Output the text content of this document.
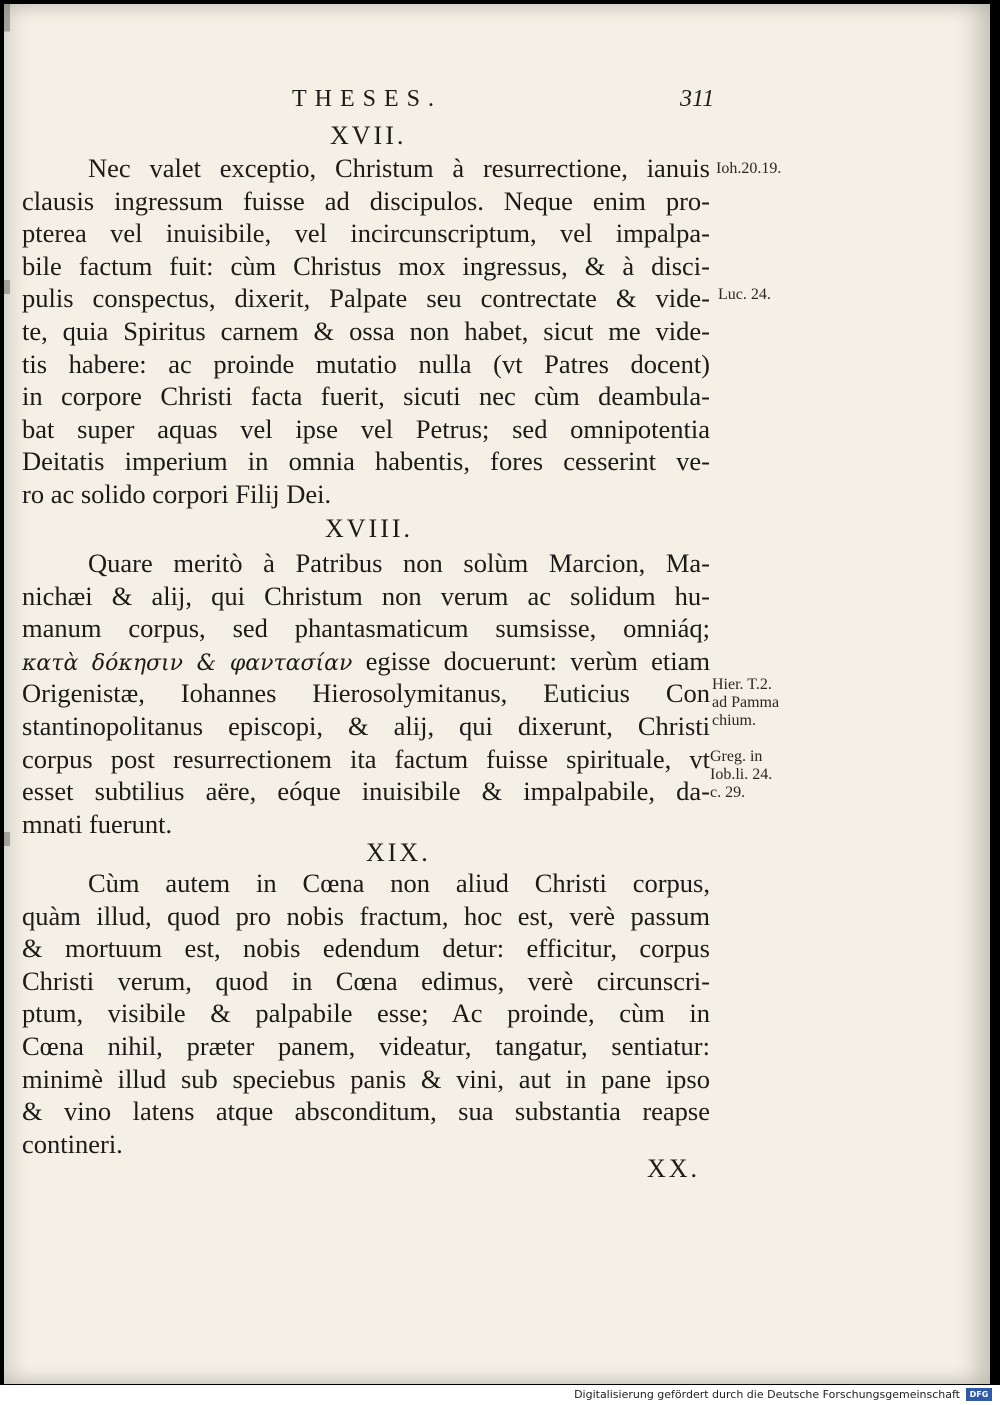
THESES.	311
XVII.
Nec valet exceptio, Christum à resurrectione, ianuis
clausis ingressum fuisse ad discipulos. Neque enim pro-
pterea vel inuisibile, vel incircunscriptum, vel impalpa-
bile factum fuit: cùm Christus mox ingressus, & à disci-
pulis conspectus, dixerit, Palpate seu contrectate & vide-
te, quia Spiritus carnem & ossa non habet, sicut me vide-
tis habere: ac proinde mutatio nulla (vt Patres docent)
in corpore Christi facta fuerit, sicuti nec cùm deambula-
bat super aquas vel ipse vel Petrus; sed omnipotentia
Deitatis imperium in omnia habentis, fores cesserint ve-
ro ac solido corpori Filij Dei.
XVIII.
Quare meritò à Patribus non solùm Marcion, Ma-
nichæi & alij, qui Christum non verum ac solidum hu-
manum corpus, sed phantasmaticum sumsisse, omniáq;
κατὰ δόκησιν & φαντασίαν egisse docuerunt: verùm etiam
Origenistæ, Iohannes Hierosolymitanus, Euticius Con
stantinopolitanus episcopi, & alij, qui dixerunt, Christi
corpus post resurrectionem ita factum fuisse spirituale, vt
esset subtilius aëre, eóque inuisibile & impalpabile, da-
mnati fuerunt.
XIX.
Cùm autem in Cœna non aliud Christi corpus,
quàm illud, quod pro nobis fractum, hoc est, verè passum
& mortuum est, nobis edendum detur: efficitur, corpus
Christi verum, quod in Cœna edimus, verè circunscri-
ptum, visibile & palpabile esse; Ac proinde, cùm in
Cœna nihil, præter panem, videatur, tangatur, sentiatur:
minimè illud sub speciebus panis & vini, aut in pane ipso
& vino latens atque absconditum, sua substantia reapse
contineri.
Ioh.20.19.
Luc. 24.
Hier. T.2.
ad Pamma
chium.
Greg. in
Iob.li. 24.
c. 29.
XX.
Digitalisierung gefördert durch die Deutsche Forschungsgemeinschaft	DFG
